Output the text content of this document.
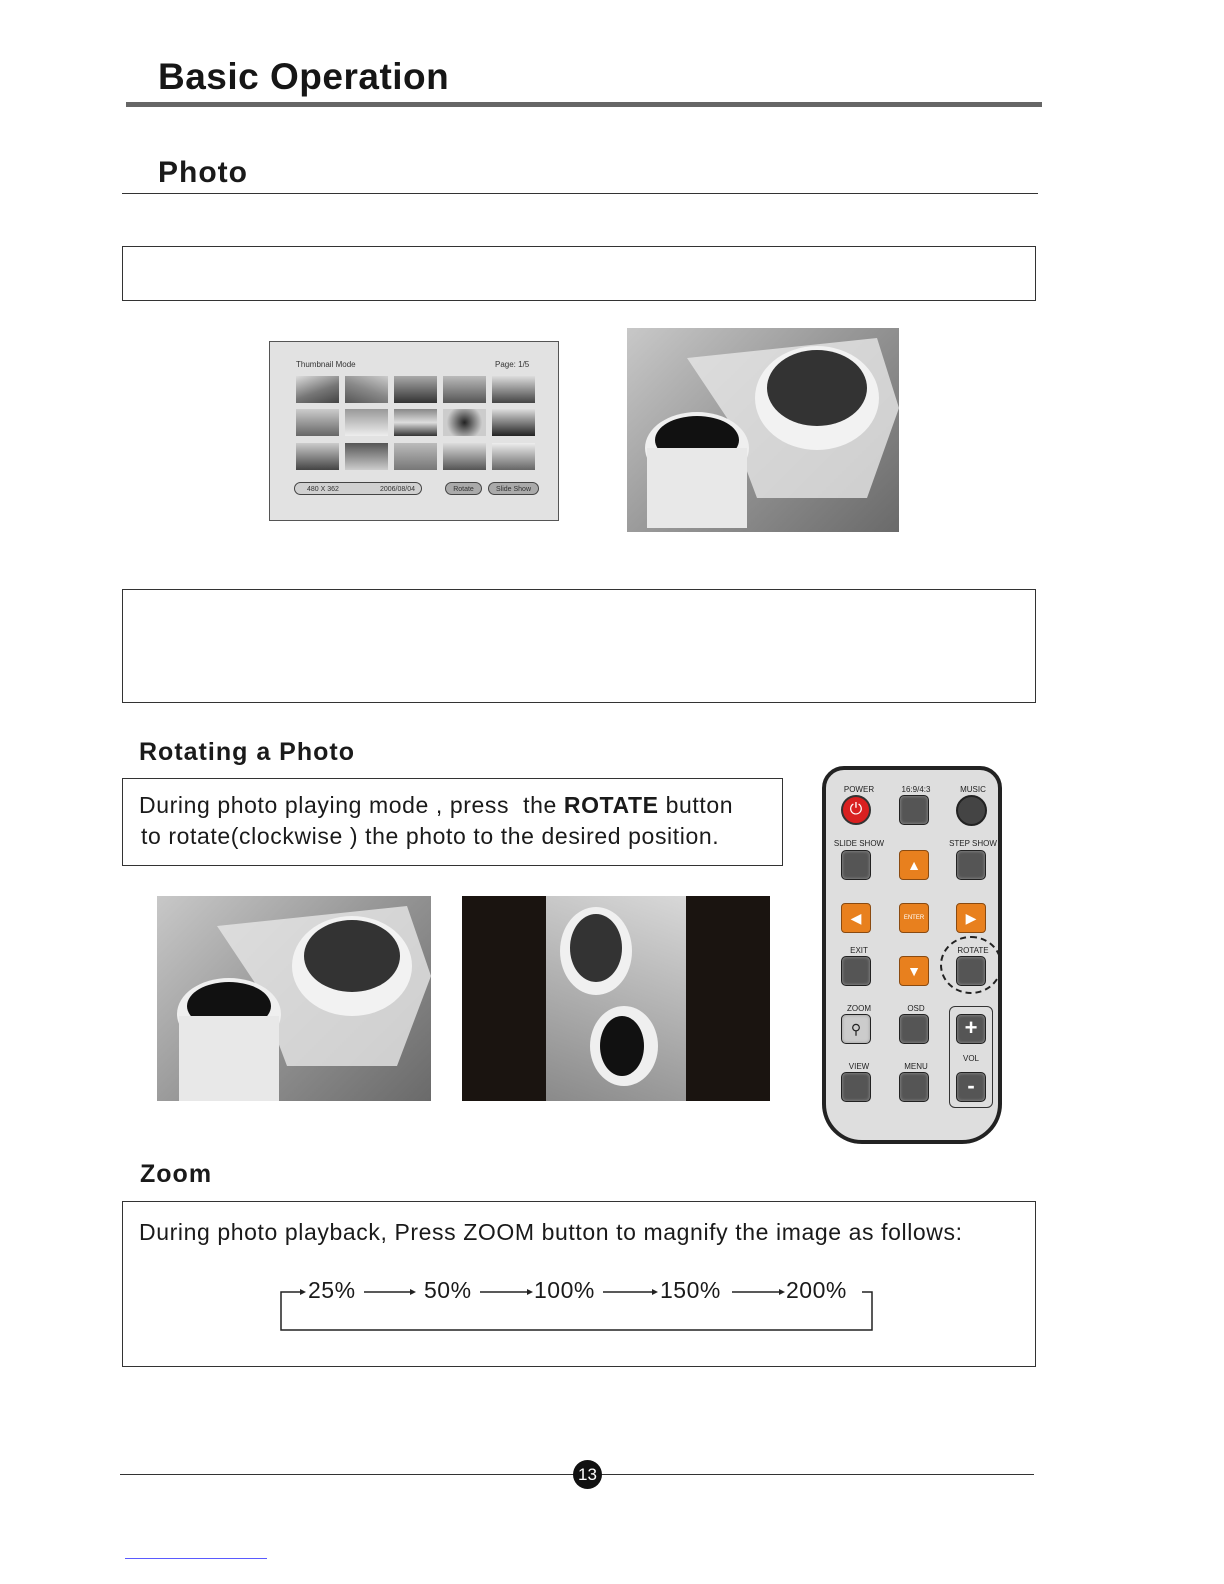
Basic Operation
Photo
Thumbnail Mode	Page: 1/5
480 X 362	2006/08/04	Rotate	Slide Show
Rotating a Photo
During photo playing mode , press  the ROTATE button
to rotate(clockwise ) the photo to the desired position.
POWER	16:9/4:3	MUSIC
⏻
SLIDE SHOW	STEP SHOW
▲
◀	ENTER	▶
EXIT	ROTATE
▼
ZOOM	OSD
⚲	+
VOL
VIEW	MENU
-
Zoom
During photo playback, Press ZOOM button to magnify the image as follows:
25%	50%	100%	150%	200%
13
